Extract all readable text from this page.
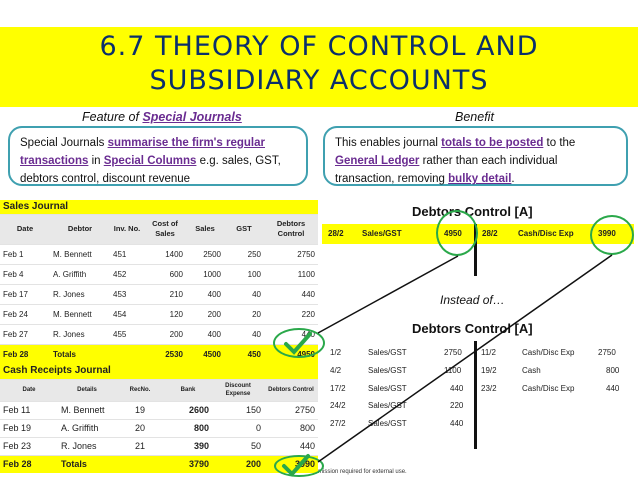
6.7 THEORY OF CONTROL AND
SUBSIDIARY ACCOUNTS
Feature of Special Journals	Benefit
Special Journals summarise the firm's regular
transactions in Special Columns e.g. sales, GST,
debtors control, discount revenue
This enables journal totals to be posted to the
General Ledger rather than each individual
transaction, removing bulky detail.
Sales Journal						
Date	Debtor	Inv. No.	Cost of Sales	Sales	GST	Debtors Control
Feb 1	M. Bennett	451	1400	2500	250	2750
Feb 4	A. Griffith	452	600	1000	100	1100
Feb 17	R. Jones	453	210	400	40	440
Feb 24	M. Bennett	454	120	200	20	220
Feb 27	R. Jones	455	200	400	40	440
Feb 28	Totals		2530	4500	450	4950
Cash Receipts Journal					
Date	Details	RecNo.	Bank	Discount Expense	Debtors Control
Feb 11	M. Bennett	19	2600	150	2750
Feb 19	A. Griffith	20	800	0	800
Feb 23	R. Jones	21	390	50	440
Feb 28	Totals		3790	200	3990
Debtors Control [A]
28/2 Sales/GST	4950	28/2	Cash/Disc Exp	3990
Instead of…
Debtors Control [A]
1/2	Sales/GST	2750
4/2	Sales/GST	1100
17/2	Sales/GST	440
24/2	Sales/GST	220
27/2	Sales/GST	440
11/2	Cash/Disc Exp	2750
19/2	Cash	800
23/2	Cash/Disc Exp	440
mission required for external use.
